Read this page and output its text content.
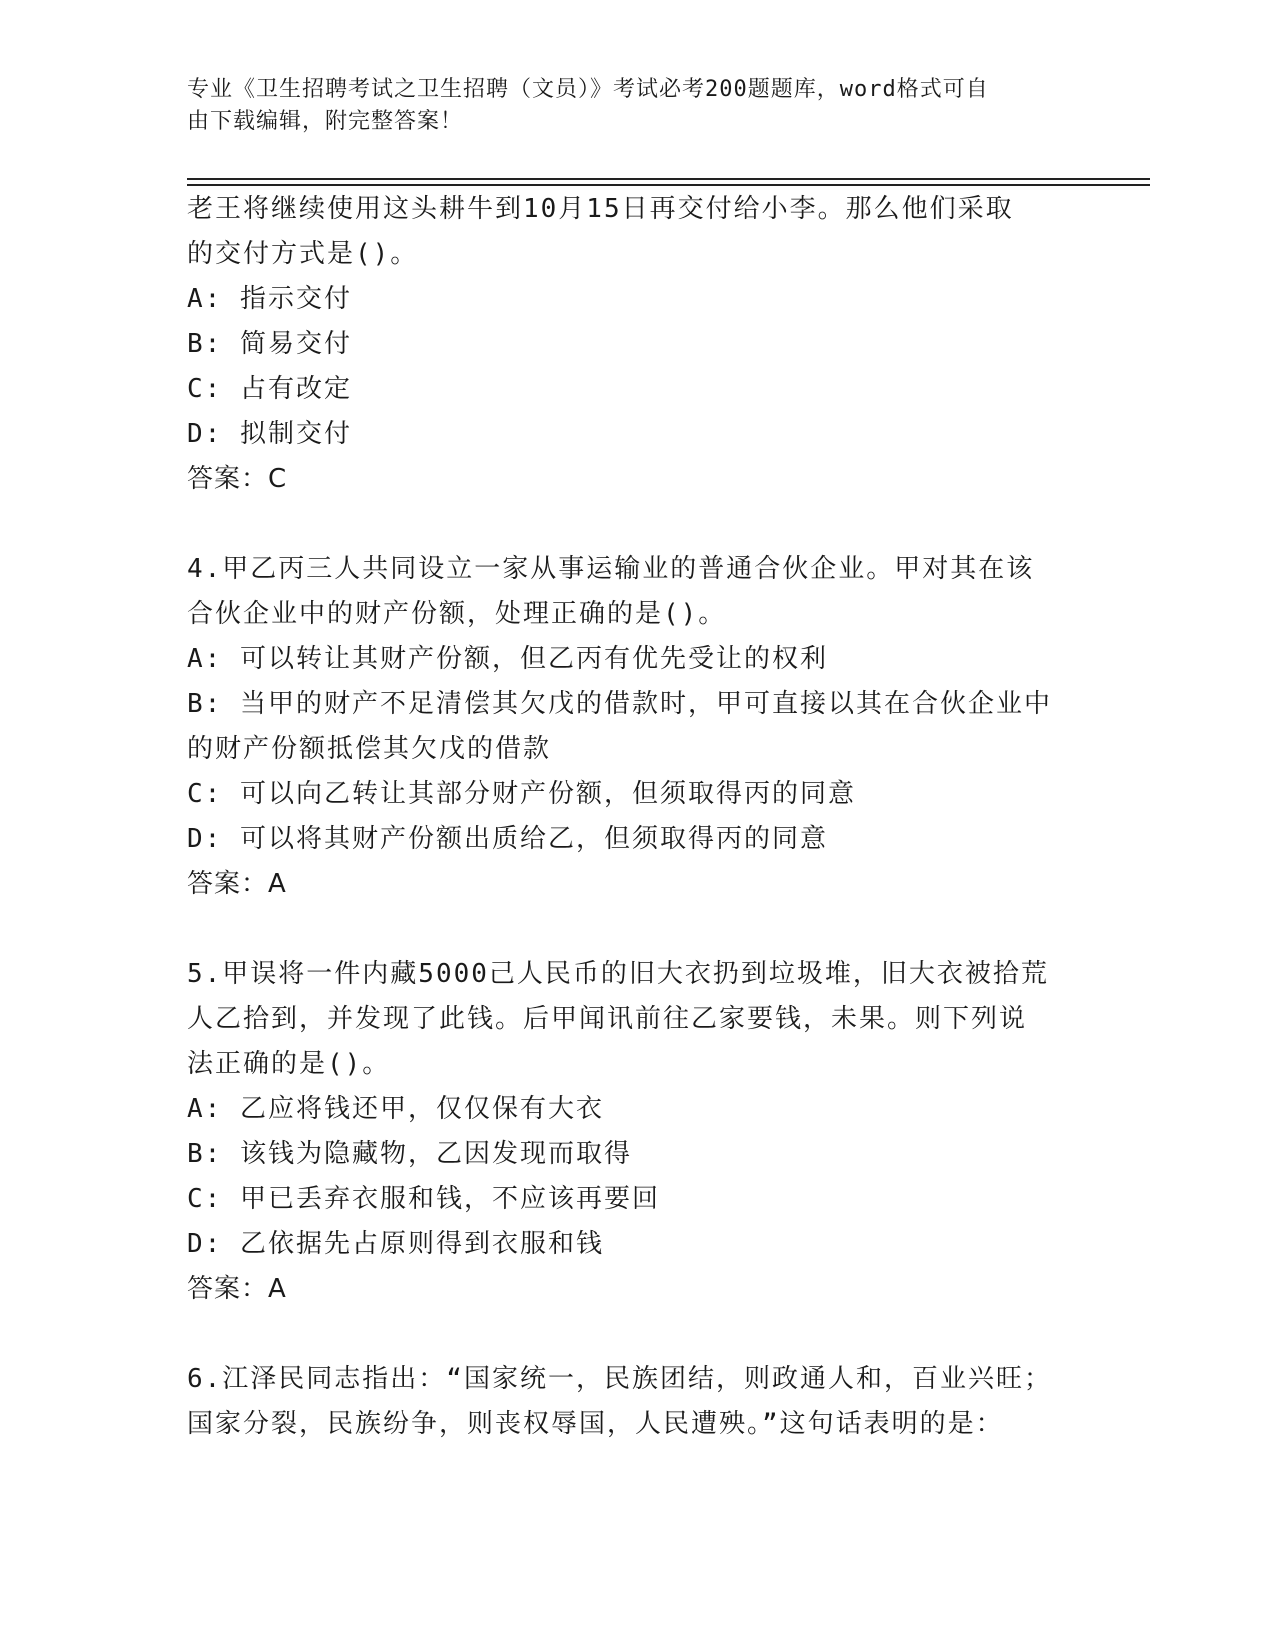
专业《卫生招聘考试之卫生招聘（文员）》考试必考200题题库，word格式可自
由下载编辑，附完整答案！
老王将继续使用这头耕牛到10月15日再交付给小李。那么他们采取
的交付方式是()。
A: 指示交付
B: 简易交付
C: 占有改定
D: 拟制交付
答案：C
4.甲乙丙三人共同设立一家从事运输业的普通合伙企业。甲对其在该
合伙企业中的财产份额，处理正确的是()。
A: 可以转让其财产份额，但乙丙有优先受让的权利
B: 当甲的财产不足清偿其欠戊的借款时，甲可直接以其在合伙企业中
的财产份额抵偿其欠戊的借款
C: 可以向乙转让其部分财产份额，但须取得丙的同意
D: 可以将其财产份额出质给乙，但须取得丙的同意
答案：A
5.甲误将一件内藏5000己人民币的旧大衣扔到垃圾堆，旧大衣被拾荒
人乙拾到，并发现了此钱。后甲闻讯前往乙家要钱，未果。则下列说
法正确的是()。
A: 乙应将钱还甲，仅仅保有大衣
B: 该钱为隐藏物，乙因发现而取得
C: 甲已丢弃衣服和钱，不应该再要回
D: 乙依据先占原则得到衣服和钱
答案：A
6.江泽民同志指出：“国家统一，民族团结，则政通人和，百业兴旺；
国家分裂，民族纷争，则丧权辱国，人民遭殃。”这句话表明的是：
